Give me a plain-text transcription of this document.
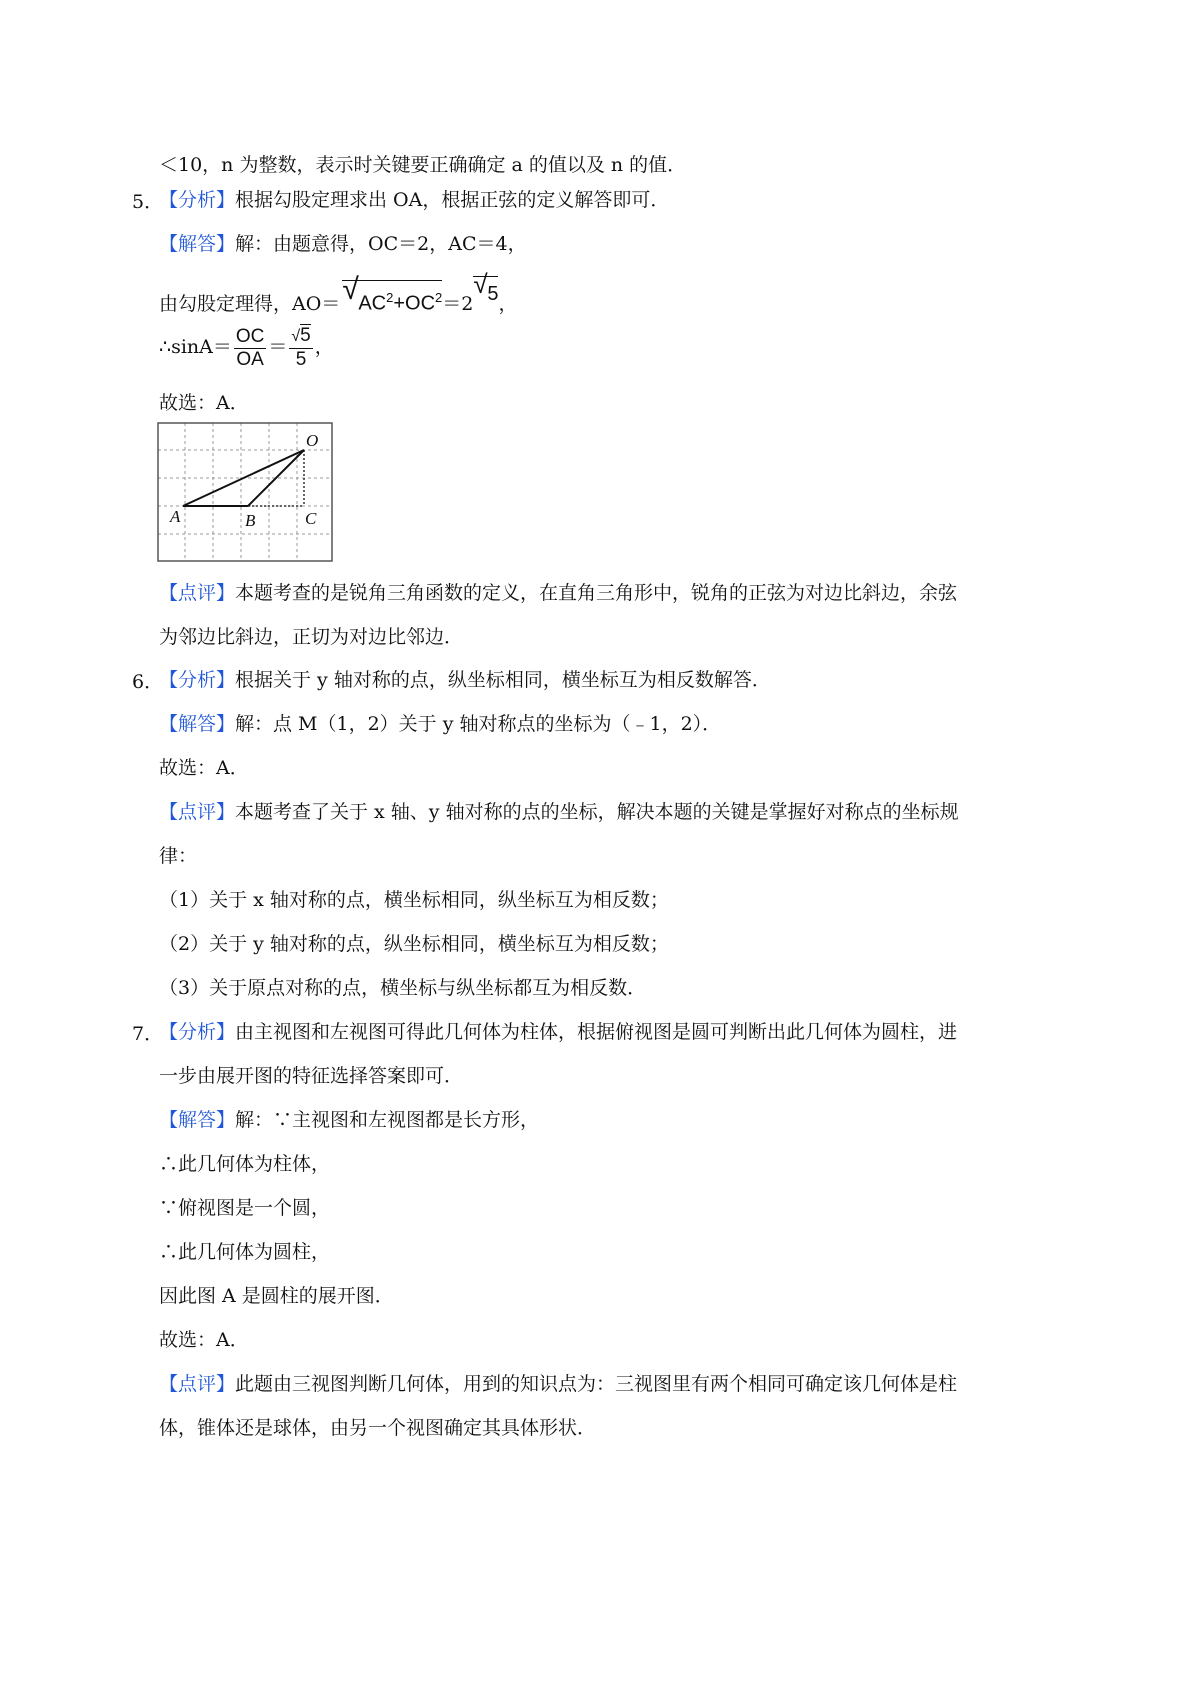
＜10，n 为整数，表示时关键要正确确定 a 的值以及 n 的值．
5．
【分析】根据勾股定理求出 OA，根据正弦的定义解答即可．
【解答】解：由题意得，OC＝2，AC＝4，
由勾股定理得，AO＝ √ $AC^2+OC^2=2$
√ 5，
∴sinA＝ $\frac{OC}{OA} = \frac{√5}{5}$ ，
故选：A．
O
A	B	C
【点评】本题考查的是锐角三角函数的定义，在直角三角形中，锐角的正弦为对边比斜边，余弦
为邻边比斜边，正切为对边比邻边．
6．
【分析】根据关于 y 轴对称的点，纵坐标相同，横坐标互为相反数解答．
【解答】解：点 M（1，2）关于 y 轴对称点的坐标为（﹣1，2）．
故选：A．
【点评】本题考查了关于 x 轴、y 轴对称的点的坐标，解决本题的关键是掌握好对称点的坐标规
律：
（1）关于 x 轴对称的点，横坐标相同，纵坐标互为相反数；
（2）关于 y 轴对称的点，纵坐标相同，横坐标互为相反数；
（3）关于原点对称的点，横坐标与纵坐标都互为相反数．
7．
【分析】由主视图和左视图可得此几何体为柱体，根据俯视图是圆可判断出此几何体为圆柱，进
一步由展开图的特征选择答案即可．
【解答】解：∵主视图和左视图都是长方形，
∴此几何体为柱体，
∵俯视图是一个圆，
∴此几何体为圆柱，
因此图 A 是圆柱的展开图．
故选：A．
【点评】此题由三视图判断几何体，用到的知识点为：三视图里有两个相同可确定该几何体是柱
体，锥体还是球体，由另一个视图确定其具体形状．
